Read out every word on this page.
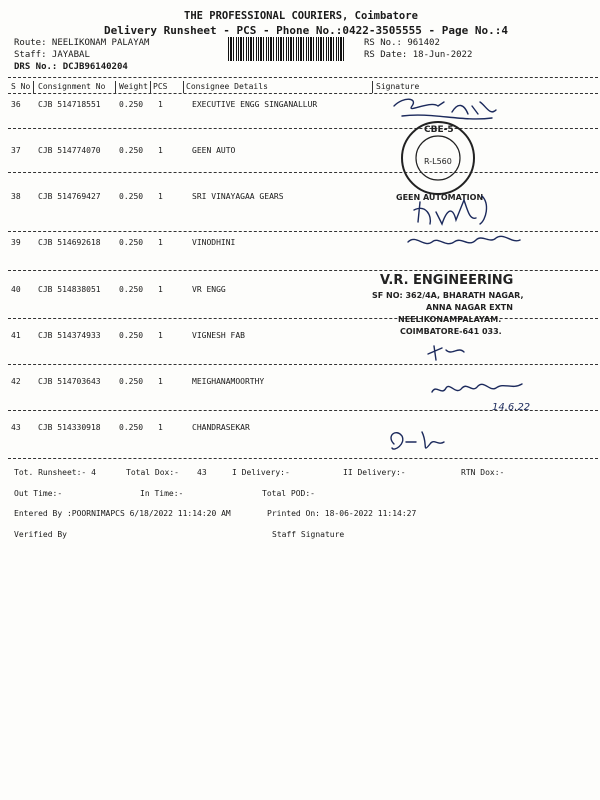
THE PROFESSIONAL COURIERS, Coimbatore
Delivery Runsheet - PCS - Phone No.:0422-3505555 - Page No.:4
Route: NEELIKONAM PALAYAM
Staff: JAYABAL
DRS No.: DCJB96140204
RS No.: 961402
RS Date: 18-Jun-2022
S No Consignment No Weight PCS Consignee Details	Signature
36 CJB 514718551 0.250 1	EXECUTIVE ENGG SINGANALLUR
37 CJB 514774070 0.250 1	GEEN AUTO
38 CJB 514769427 0.250 1	SRI VINAYAGAA GEARS
39 CJB 514692618 0.250 1	VINODHINI
40 CJB 514838051 0.250 1	VR ENGG
41 CJB 514374933 0.250 1	VIGNESH FAB
42 CJB 514703643 0.250 1	MEIGHANAMOORTHY
43 CJB 514330918 0.250 1	CHANDRASEKAR
CBE-5
R-L560
GEEN AUTOMATION
V.R. ENGINEERING
SF NO: 362/4A, BHARATH NAGAR,
ANNA NAGAR EXTN
NEELIKONAMPALAYAM.
COIMBATORE-641 033.
14.6.22
Tot. Runsheet:- 4	Total Dox:- 43	I Delivery:-	II Delivery:-	RTN Dox:-
Out Time:-	In Time:-	Total POD:-
Entered By :POORNIMAPCS 6/18/2022 11:14:20 AM	Printed On: 18-06-2022 11:14:27
Verified By	Staff Signature
